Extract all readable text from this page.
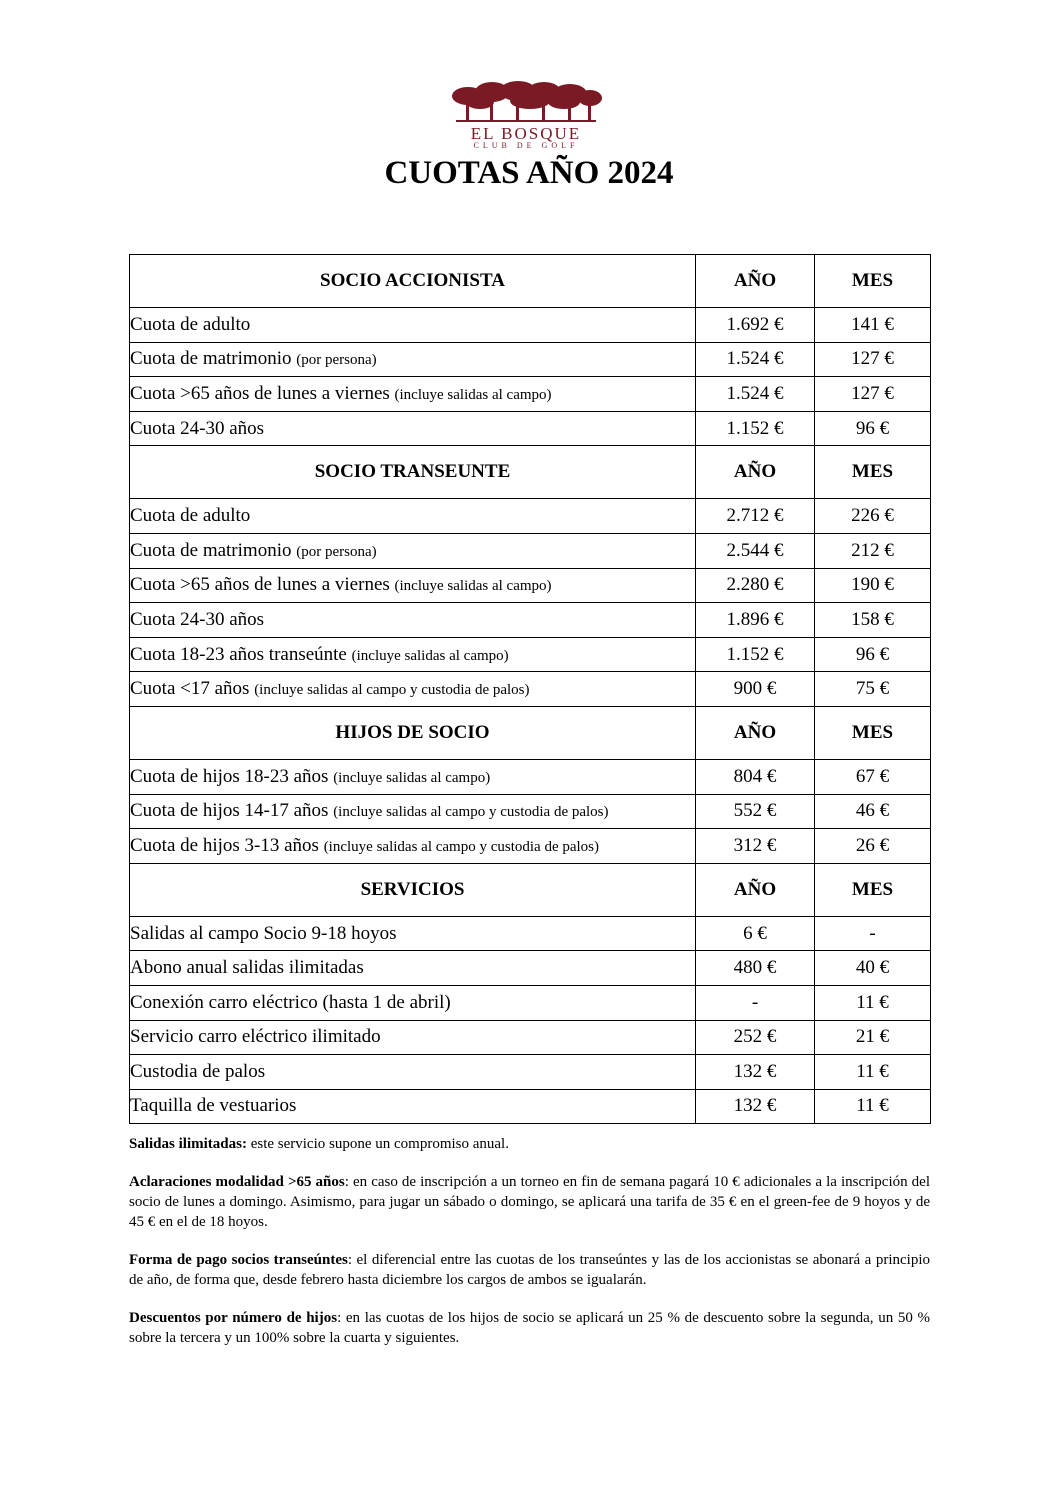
EL BOSQUE
CLUB DE GOLF
CUOTAS AÑO 2024
SOCIO ACCIONISTA	AÑO	MES
Cuota de adulto	1.692 €	141 €
Cuota de matrimonio (por persona)	1.524 €	127 €
Cuota >65 años de lunes a viernes (incluye salidas al campo)	1.524 €	127 €
Cuota 24-30 años	1.152 €	96 €
SOCIO TRANSEUNTE	AÑO	MES
Cuota de adulto	2.712 €	226 €
Cuota de matrimonio (por persona)	2.544 €	212 €
Cuota >65 años de lunes a viernes (incluye salidas al campo)	2.280 €	190 €
Cuota 24-30 años	1.896 €	158 €
Cuota 18-23 años transeúnte (incluye salidas al campo)	1.152 €	96 €
Cuota <17 años (incluye salidas al campo y custodia de palos)	900 €	75 €
HIJOS DE SOCIO	AÑO	MES
Cuota de hijos 18-23 años (incluye salidas al campo)	804 €	67 €
Cuota de hijos 14-17 años (incluye salidas al campo y custodia de palos)	552 €	46 €
Cuota de hijos 3-13 años (incluye salidas al campo y custodia de palos)	312 €	26 €
SERVICIOS	AÑO	MES
Salidas al campo Socio 9-18 hoyos	6 €	-
Abono anual salidas ilimitadas	480 €	40 €
Conexión carro eléctrico (hasta 1 de abril)	-	11 €
Servicio carro eléctrico ilimitado	252 €	21 €
Custodia de palos	132 €	11 €
Taquilla de vestuarios	132 €	11 €

Salidas ilimitadas: este servicio supone un compromiso anual.

Aclaraciones modalidad >65 años: en caso de inscripción a un torneo en fin de semana pagará 10 € adicionales a la inscripción del socio de lunes a domingo. Asimismo, para jugar un sábado o domingo, se aplicará una tarifa de 35 € en el green-fee de 9 hoyos y de 45 € en el de 18 hoyos.

Forma de pago socios transeúntes: el diferencial entre las cuotas de los transeúntes y las de los accionistas se abonará a principio de año, de forma que, desde febrero hasta diciembre los cargos de ambos se igualarán.

Descuentos por número de hijos: en las cuotas de los hijos de socio se aplicará un 25 % de descuento sobre la segunda, un 50 % sobre la tercera y un 100% sobre la cuarta y siguientes.
